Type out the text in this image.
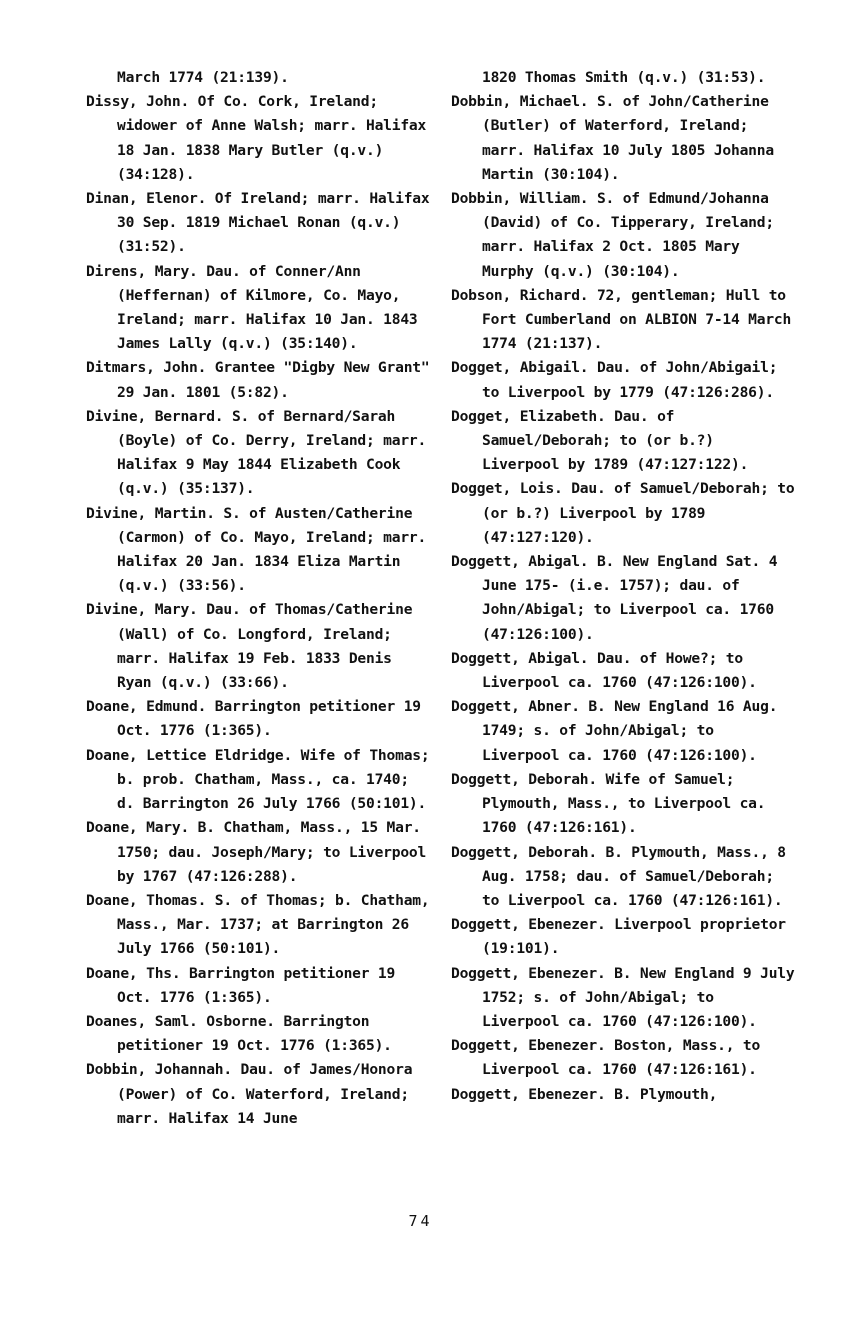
March 1774 (21:139).

Dissy, John. Of Co. Cork, Ireland; widower of Anne Walsh; marr. Halifax 18 Jan. 1838 Mary Butler (q.v.) (34:128).

Dinan, Elenor. Of Ireland; marr. Halifax 30 Sep. 1819 Michael Ronan (q.v.) (31:52).

Direns, Mary. Dau. of Conner/Ann (Heffernan) of Kilmore, Co. Mayo, Ireland; marr. Halifax 10 Jan. 1843 James Lally (q.v.) (35:140).

Ditmars, John. Grantee "Digby New Grant" 29 Jan. 1801 (5:82).

Divine, Bernard. S. of Bernard/Sarah (Boyle) of Co. Derry, Ireland; marr. Halifax 9 May 1844 Elizabeth Cook (q.v.) (35:137).

Divine, Martin. S. of Austen/Catherine (Carmon) of Co. Mayo, Ireland; marr. Halifax 20 Jan. 1834 Eliza Martin (q.v.) (33:56).

Divine, Mary. Dau. of Thomas/Catherine (Wall) of Co. Longford, Ireland; marr. Halifax 19 Feb. 1833 Denis Ryan (q.v.) (33:66).

Doane, Edmund. Barrington petitioner 19 Oct. 1776 (1:365).

Doane, Lettice Eldridge. Wife of Thomas; b. prob. Chatham, Mass., ca. 1740; d. Barrington 26 July 1766 (50:101).

Doane, Mary. B. Chatham, Mass., 15 Mar. 1750; dau. Joseph/Mary; to Liverpool by 1767 (47:126:288).

Doane, Thomas. S. of Thomas; b. Chatham, Mass., Mar. 1737; at Barrington 26 July 1766 (50:101).

Doane, Ths. Barrington petitioner 19 Oct. 1776 (1:365).

Doanes, Saml. Osborne. Barrington petitioner 19 Oct. 1776 (1:365).

Dobbin, Johannah. Dau. of James/Honora (Power) of Co. Waterford, Ireland; marr. Halifax 14 June

1820 Thomas Smith (q.v.) (31:53).

Dobbin, Michael. S. of John/Catherine (Butler) of Waterford, Ireland; marr. Halifax 10 July 1805 Johanna Martin (30:104).

Dobbin, William. S. of Edmund/Johanna (David) of Co. Tipperary, Ireland; marr. Halifax 2 Oct. 1805 Mary Murphy (q.v.) (30:104).

Dobson, Richard. 72, gentleman; Hull to Fort Cumberland on ALBION 7-14 March 1774 (21:137).

Dogget, Abigail. Dau. of John/Abigail; to Liverpool by 1779 (47:126:286).

Dogget, Elizabeth. Dau. of Samuel/Deborah; to (or b.?) Liverpool by 1789 (47:127:122).

Dogget, Lois. Dau. of Samuel/Deborah; to (or b.?) Liverpool by 1789 (47:127:120).

Doggett, Abigal. B. New England Sat. 4 June 175- (i.e. 1757); dau. of John/Abigal; to Liverpool ca. 1760 (47:126:100).

Doggett, Abigal. Dau. of Howe?; to Liverpool ca. 1760 (47:126:100).

Doggett, Abner. B. New England 16 Aug. 1749; s. of John/Abigal; to Liverpool ca. 1760 (47:126:100).

Doggett, Deborah. Wife of Samuel; Plymouth, Mass., to Liverpool ca. 1760 (47:126:161).

Doggett, Deborah. B. Plymouth, Mass., 8 Aug. 1758; dau. of Samuel/Deborah; to Liverpool ca. 1760 (47:126:161).

Doggett, Ebenezer. Liverpool proprietor (19:101).

Doggett, Ebenezer. B. New England 9 July 1752; s. of John/Abigal; to Liverpool ca. 1760 (47:126:100).

Doggett, Ebenezer. Boston, Mass., to Liverpool ca. 1760 (47:126:161).

Doggett, Ebenezer. B. Plymouth,

74
